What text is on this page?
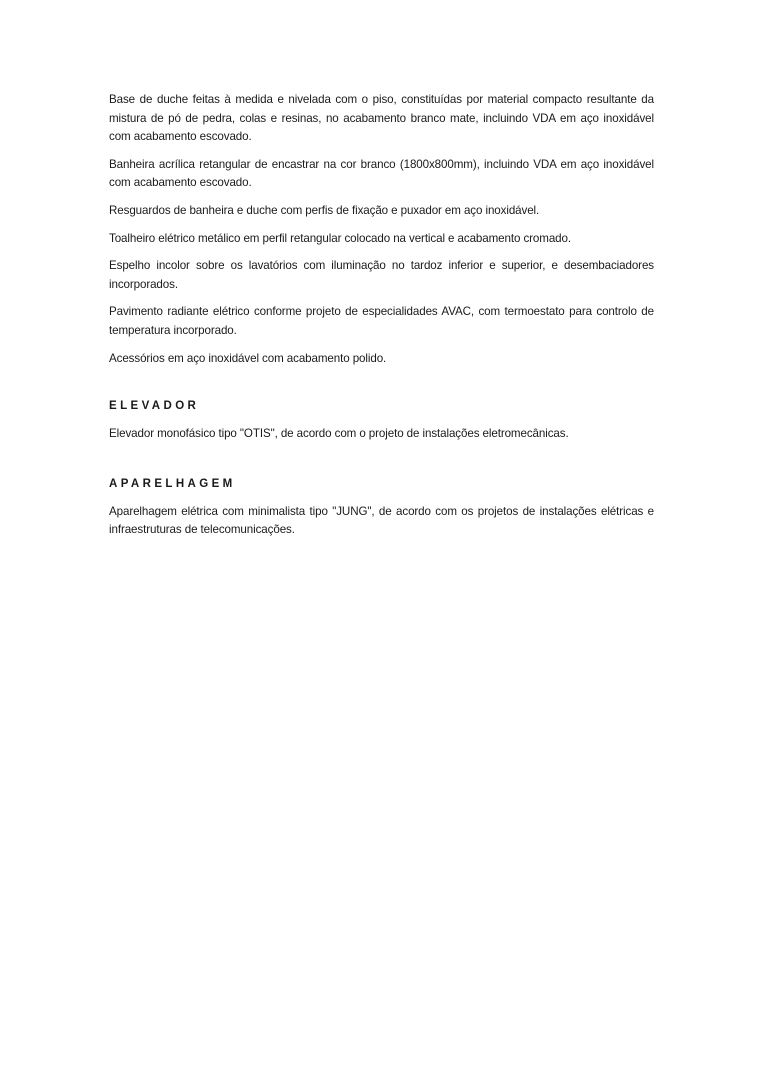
Base de duche feitas à medida e nivelada com o piso, constituídas por material compacto resultante da mistura de pó de pedra, colas e resinas, no acabamento branco mate, incluindo VDA em aço inoxidável com acabamento escovado.

Banheira acrílica retangular de encastrar na cor branco (1800x800mm), incluindo VDA em aço inoxidável com acabamento escovado.

Resguardos de banheira e duche com perfis de fixação e puxador em aço inoxidável.

Toalheiro elétrico metálico em perfil retangular colocado na vertical e acabamento cromado.

Espelho incolor sobre os lavatórios com iluminação no tardoz inferior e superior, e desembaciadores incorporados.

Pavimento radiante elétrico conforme projeto de especialidades AVAC, com termoestato para controlo de temperatura incorporado.

Acessórios em aço inoxidável com acabamento polido.

ELEVADOR

Elevador monofásico tipo "OTIS", de acordo com o projeto de instalações eletromecânicas.

APARELHAGEM

Aparelhagem elétrica com minimalista tipo "JUNG", de acordo com os projetos de instalações elétricas e infraestruturas de telecomunicações.
